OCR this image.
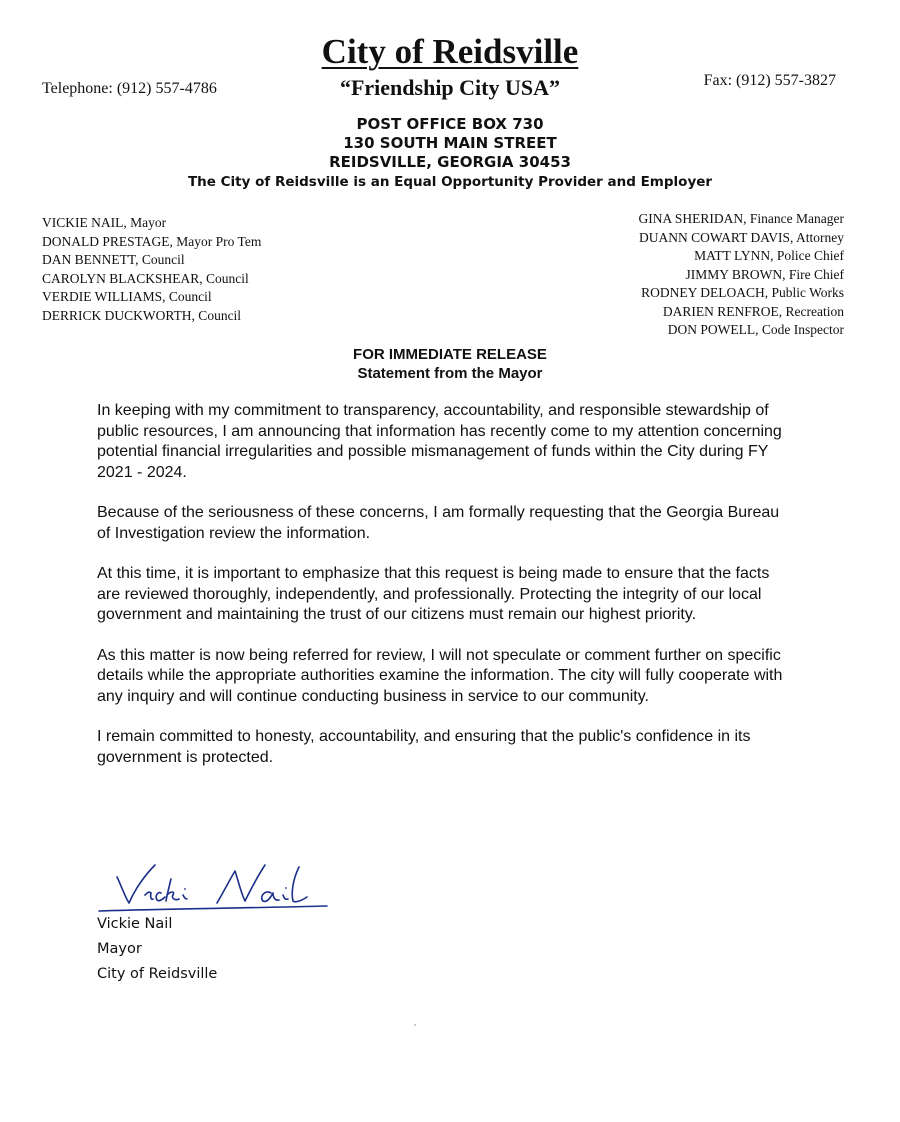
City of Reidsville
“Friendship City USA”
Telephone: (912) 557-4786	Fax: (912) 557-3827
POST OFFICE BOX 730
130 SOUTH MAIN STREET
REIDSVILLE, GEORGIA 30453
The City of Reidsville is an Equal Opportunity Provider and Employer
VICKIE NAIL, Mayor
DONALD PRESTAGE, Mayor Pro Tem
DAN BENNETT, Council
CAROLYN BLACKSHEAR, Council
VERDIE WILLIAMS, Council
DERRICK DUCKWORTH, Council
GINA SHERIDAN, Finance Manager
DUANN COWART DAVIS, Attorney
MATT LYNN, Police Chief
JIMMY BROWN, Fire Chief
RODNEY DELOACH, Public Works
DARIEN RENFROE, Recreation
DON POWELL, Code Inspector
FOR IMMEDIATE RELEASE
Statement from the Mayor

In keeping with my commitment to transparency, accountability, and responsible stewardship of public resources, I am announcing that information has recently come to my attention concerning potential financial irregularities and possible mismanagement of funds within the City during FY 2021 - 2024.

Because of the seriousness of these concerns, I am formally requesting that the Georgia Bureau of Investigation review the information.

At this time, it is important to emphasize that this request is being made to ensure that the facts are reviewed thoroughly, independently, and professionally. Protecting the integrity of our local government and maintaining the trust of our citizens must remain our highest priority.

As this matter is now being referred for review, I will not speculate or comment further on specific details while the appropriate authorities examine the information. The city will fully cooperate with any inquiry and will continue conducting business in service to our community.

I remain committed to honesty, accountability, and ensuring that the public's confidence in its government is protected.

Vickie Nail
Mayor
City of Reidsville
